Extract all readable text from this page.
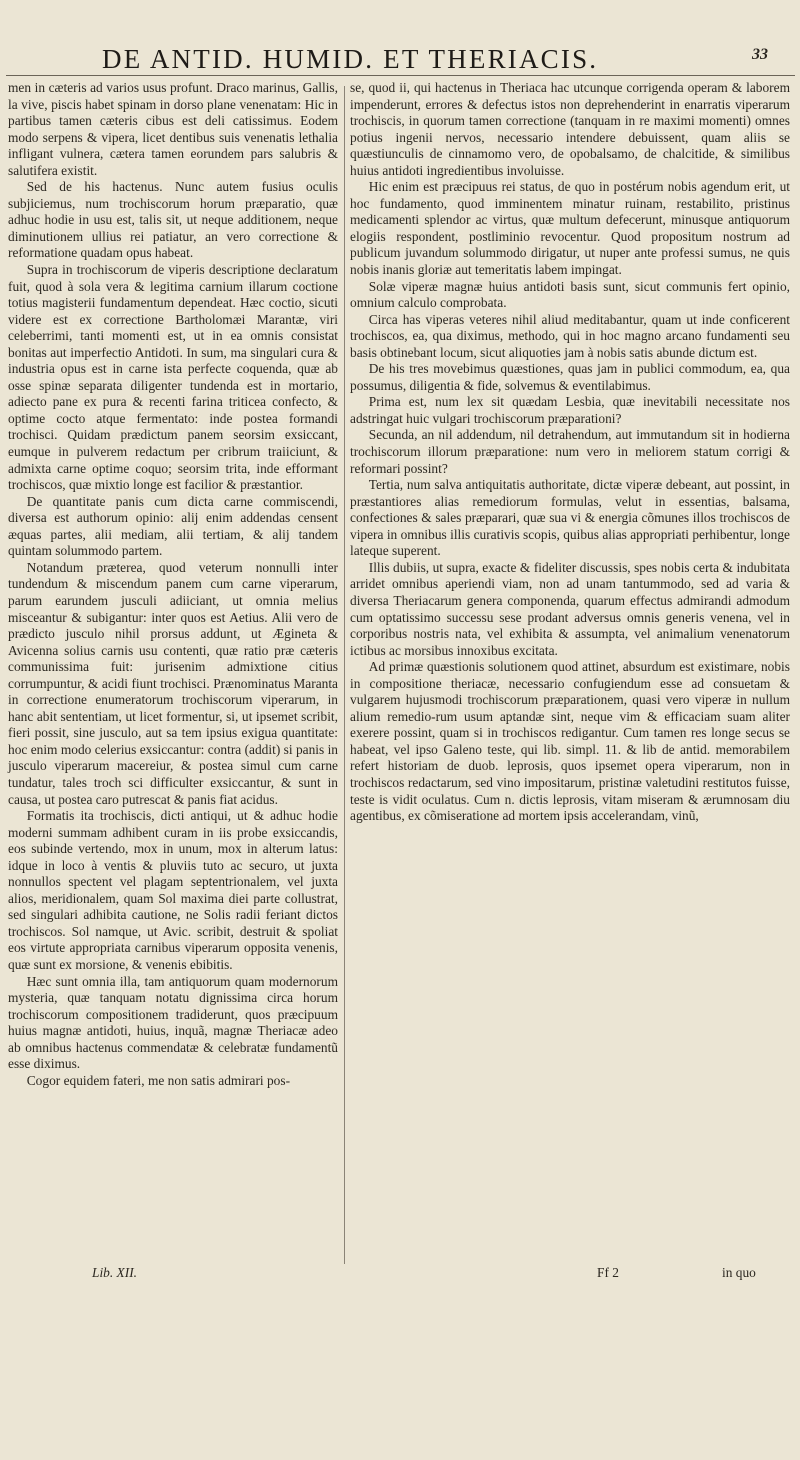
DE ANTID. HUMID. ET THERIACIS.	33

men in cæteris ad varios usus profunt. Draco marinus, Gallis, la vive, piscis habet spinam in dorso plane venenatam: Hic in partibus tamen cæteris cibus est deli catissimus. Eodem modo serpens & vipera, licet dentibus suis venenatis lethalia infligant vulnera, cætera tamen eorundem pars salubris & salutifera existit.

Sed de his hactenus. Nunc autem fusius oculis subjiciemus, num trochiscorum horum præparatio, quæ adhuc hodie in usu est, talis sit, ut neque additionem, neque diminutionem ullius rei patiatur, an vero correctione & reformatione quadam opus habeat.

Supra in trochiscorum de viperis descriptione declaratum fuit, quod à sola vera & legitima carnium illarum coctione totius magisterii fundamentum dependeat. Hæc coctio, sicuti videre est ex correctione Bartholomæi Marantæ, viri celeberrimi, tanti momenti est, ut in ea omnis consistat bonitas aut imperfectio Antidoti. In sum, ma singulari cura & industria opus est in carne ista perfecte coquenda, quæ ab osse spinæ separata diligenter tundenda est in mortario, adiecto pane ex pura & recenti farina triticea confecto, & optime cocto atque fermentato: inde postea formandi trochisci. Quidam prædictum panem seorsim exsiccant, eumque in pulverem redactum per cribrum traiiciunt, & admixta carne optime coquo; seorsim trita, inde efformant trochiscos, quæ mixtio longe est facilior & præstantior.

De quantitate panis cum dicta carne commiscendi, diversa est authorum opinio: alij enim addendas censent æquas partes, alii mediam, alii tertiam, & alij tandem quintam solummodo partem.

Notandum præterea, quod veterum nonnulli inter tundendum & miscendum panem cum carne viperarum, parum earundem jusculi adiiciant, ut omnia melius misceantur & subigantur: inter quos est Aetius. Alii vero de prædicto jusculo nihil prorsus addunt, ut Ægineta & Avicenna solius carnis usu contenti, quæ ratio præ cæteris communissima fuit: jurisenim admixtione citius corrumpuntur, & acidi fiunt trochisci. Prænominatus Maranta in correctione enumeratorum trochiscorum viperarum, in hanc abit sententiam, ut licet formentur, si, ut ipsemet scribit, fieri possit, sine jusculo, aut sa tem ipsius exigua quantitate: hoc enim modo celerius exsiccantur: contra (addit) si panis in jusculo viperarum macereiur, & postea simul cum carne tundatur, tales troch sci difficulter exsiccantur, & sunt in causa, ut postea caro putrescat & panis fiat acidus.

Formatis ita trochiscis, dicti antiqui, ut & adhuc hodie moderni summam adhibent curam in iis probe exsiccandis, eos subinde vertendo, mox in unum, mox in alterum latus: idque in loco à ventis & pluviis tuto ac securo, ut juxta nonnullos spectent vel plagam septentrionalem, vel juxta alios, meridionalem, quam Sol maxima diei parte collustrat, sed singulari adhibita cautione, ne Solis radii feriant dictos trochiscos. Sol namque, ut Avic. scribit, destruit & spoliat eos virtute appropriata carnibus viperarum opposita venenis, quæ sunt ex morsione, & venenis ebibitis.

Hæc sunt omnia illa, tam antiquorum quam modernorum mysteria, quæ tanquam notatu dignissima circa horum trochiscorum compositionem tradiderunt, quos præcipuum huius magnæ antidoti, huius, inquã, magnæ Theriacæ adeo ab omnibus hactenus commendatæ & celebratæ fundamentũ esse diximus.

Cogor equidem fateri, me non satis admirari pos-

se, quod ii, qui hactenus in Theriaca hac utcunque corrigenda operam & laborem impenderunt, errores & defectus istos non deprehenderint in enarratis viperarum trochiscis, in quorum tamen correctione (tanquam in re maximi momenti) omnes potius ingenii nervos, necessario intendere debuissent, quam aliis se quæstiunculis de cinnamomo vero, de opobalsamo, de chalcitide, & similibus huius antidoti ingredientibus involuisse.

Hic enim est præcipuus rei status, de quo in postérum nobis agendum erit, ut hoc fundamento, quod imminentem minatur ruinam, restabilito, pristinus medicamenti splendor ac virtus, quæ multum defecerunt, minusque antiquorum elogiis respondent, postliminio revocentur. Quod propositum nostrum ad publicum juvandum solummodo dirigatur, ut nuper ante professi sumus, ne quis nobis inanis gloriæ aut temeritatis labem impingat.

Solæ viperæ magnæ huius antidoti basis sunt, sicut communis fert opinio, omnium calculo comprobata.

Circa has viperas veteres nihil aliud meditabantur, quam ut inde conficerent trochiscos, ea, qua diximus, methodo, qui in hoc magno arcano fundamenti seu basis obtinebant locum, sicut aliquoties jam à nobis satis abunde dictum est.

De his tres movebimus quæstiones, quas jam in publici commodum, ea, qua possumus, diligentia & fide, solvemus & eventilabimus.

Prima est, num lex sit quædam Lesbia, quæ inevitabili necessitate nos adstringat huic vulgari trochiscorum præparationi?

Secunda, an nil addendum, nil detrahendum, aut immutandum sit in hodierna trochiscorum illorum præparatione: num vero in meliorem statum corrigi & reformari possint?

Tertia, num salva antiquitatis authoritate, dictæ viperæ debeant, aut possint, in præstantiores alias remediorum formulas, velut in essentias, balsama, confectiones & sales præparari, quæ sua vi & energia cõmunes illos trochiscos de vipera in omnibus illis curativis scopis, quibus alias appropriati perhibentur, longe lateque superent.

Illis dubiis, ut supra, exacte & fideliter discussis, spes nobis certa & indubitata arridet omnibus aperiendi viam, non ad unam tantummodo, sed ad varia & diversa Theriacarum genera componenda, quarum effectus admirandi admodum cum optatissimo successu sese prodant adversus omnis generis venena, vel in corporibus nostris nata, vel exhibita & assumpta, vel animalium venenatorum ictibus ac morsibus innoxibus excitata.

Ad primæ quæstionis solutionem quod attinet, absurdum est existimare, nobis in compositione theriacæ, necessario confugiendum esse ad consuetam & vulgarem hujusmodi trochiscorum præparationem, quasi vero viperæ in nullum alium remedio-rum usum aptandæ sint, neque vim & efficaciam suam aliter exerere possint, quam si in trochiscos redigantur. Cum tamen res longe secus se habeat, vel ipso Galeno teste, qui lib. simpl. 11. & lib de antid. memorabilem refert historiam de duob. leprosis, quos ipsemet opera viperarum, non in trochiscos redactarum, sed vino impositarum, pristinæ valetudini restitutos fuisse, teste is vidit oculatus. Cum n. dictis leprosis, vitam miseram & ærumnosam diu agentibus, ex cõmiseratione ad mortem ipsis accelerandam, vinũ,

Lib. XII.	Ff 2	in quo
